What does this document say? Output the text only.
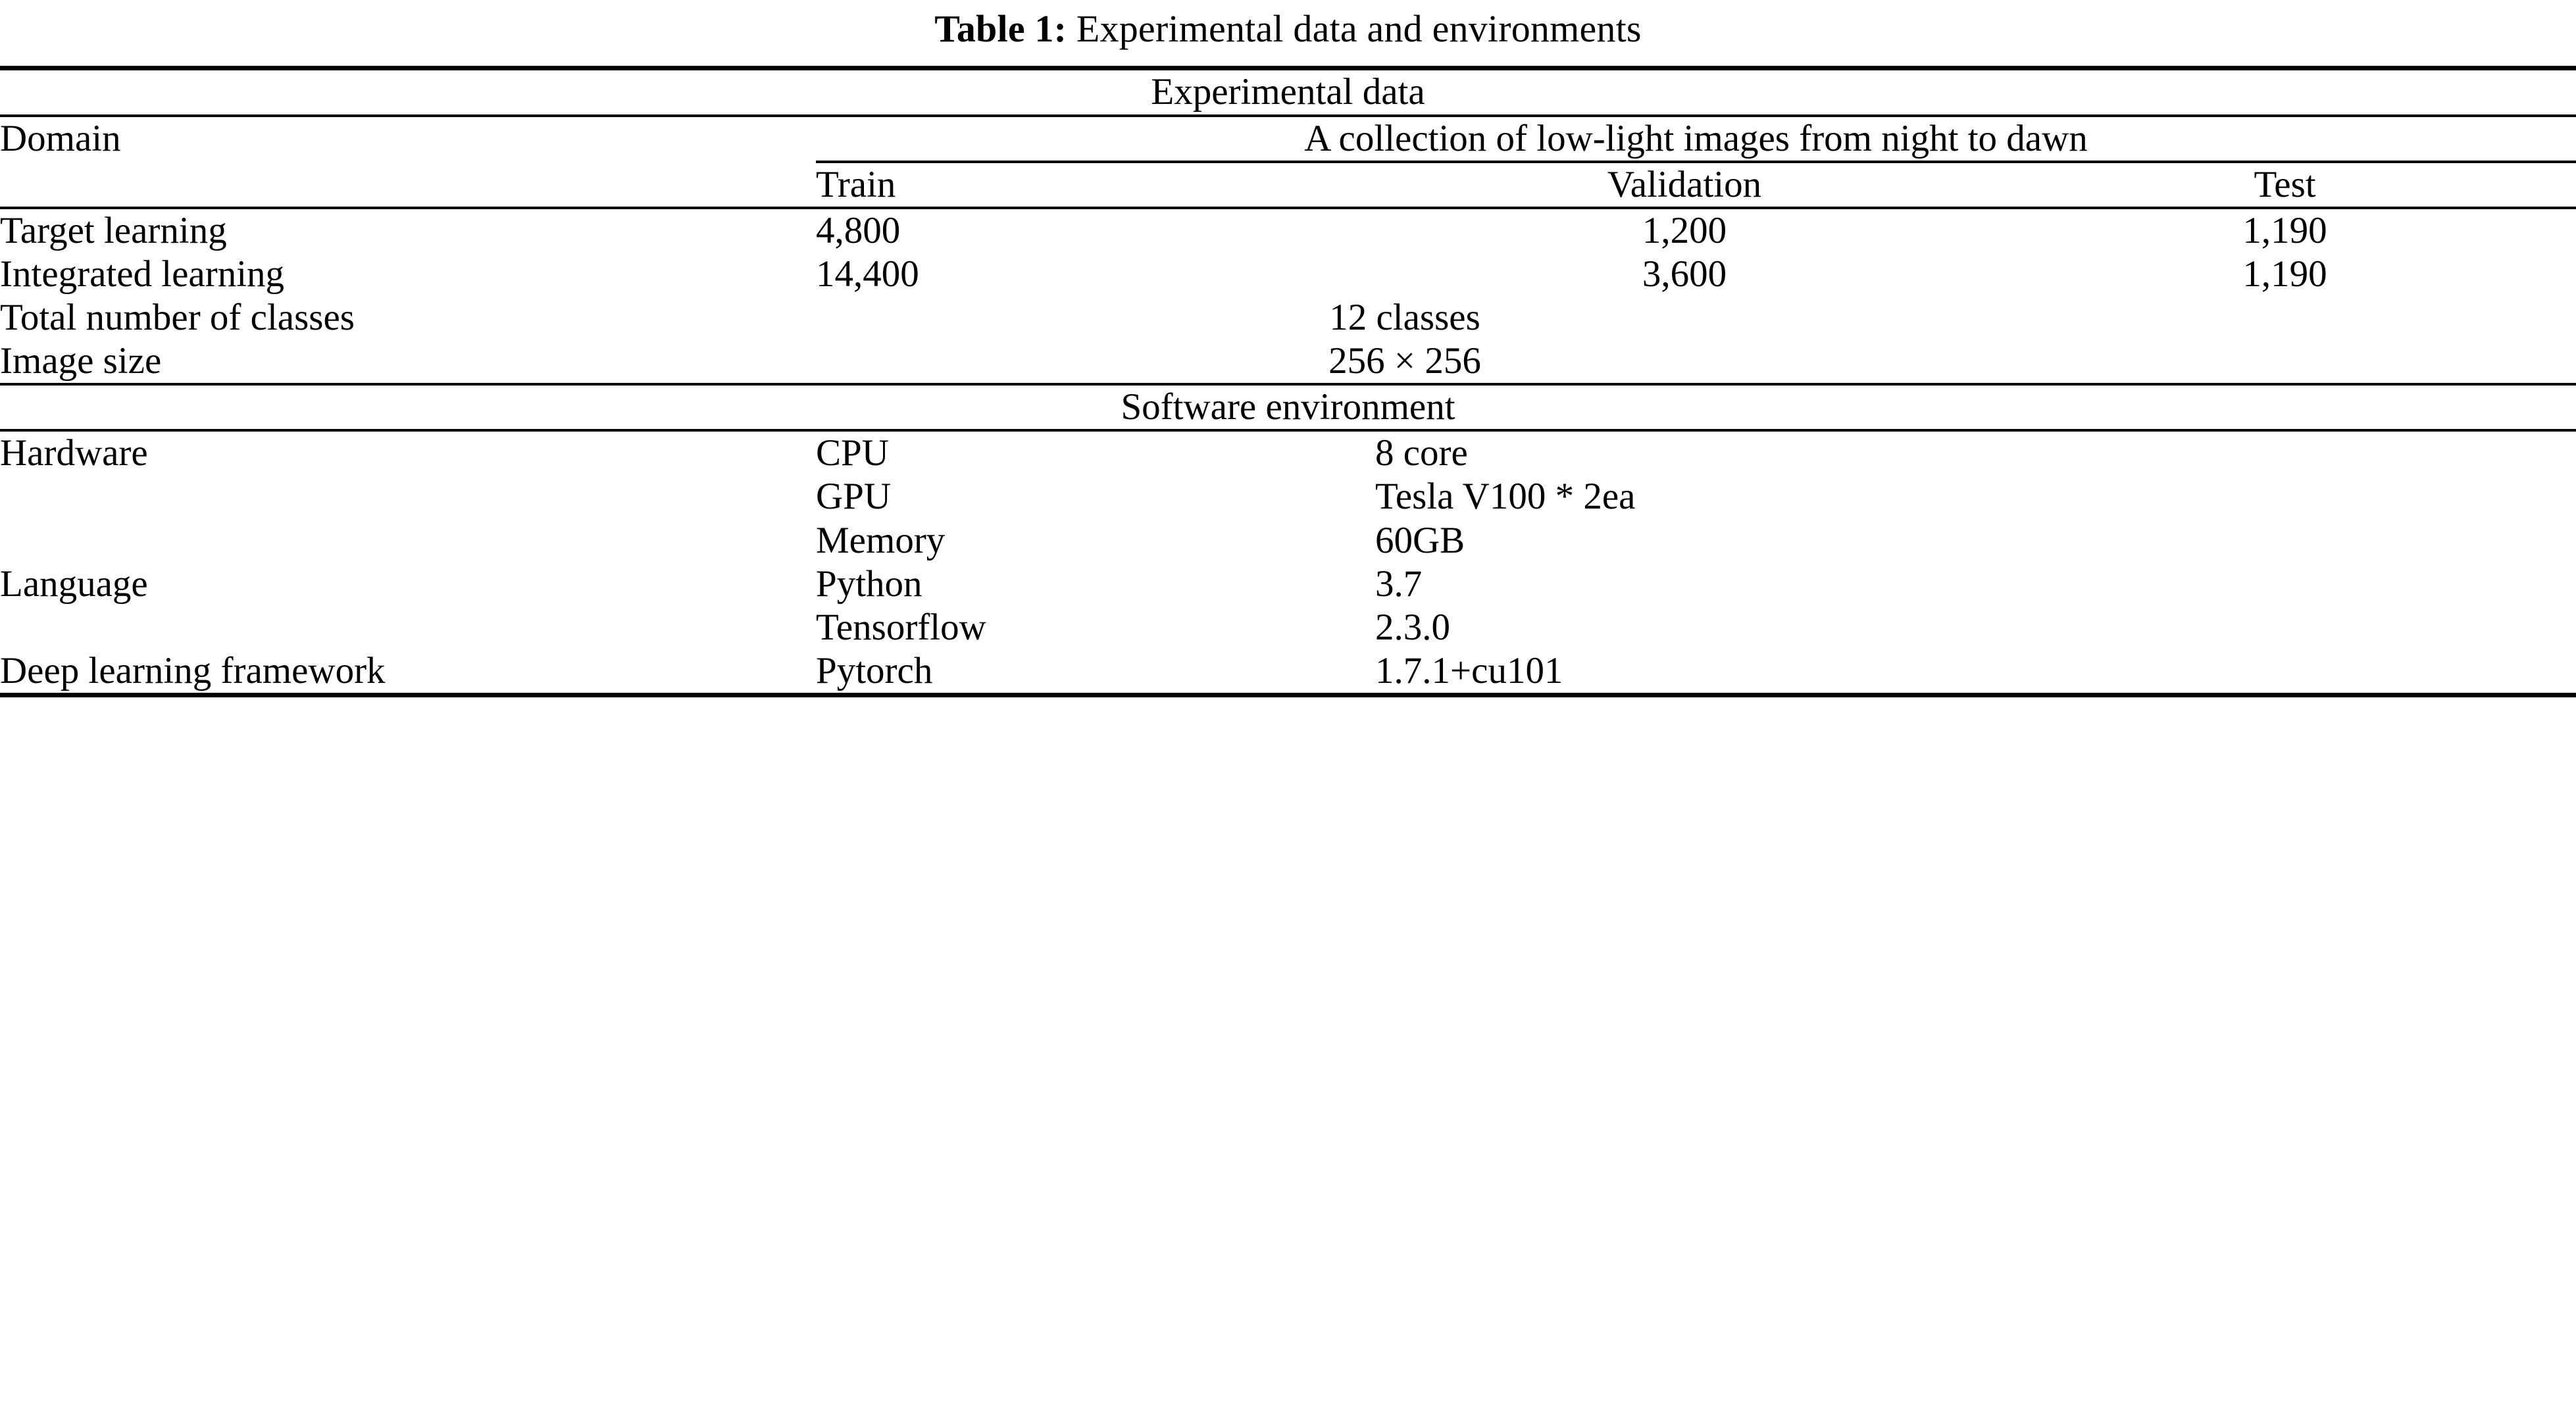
Table 1: Experimental data and environments
Experimental data			
Domain	A collection of low-light images from night to dawn		

	Train	Validation	Test
Target learning	4,800	1,200	1,190
Integrated learning	14,400	3,600	1,190
Total number of classes	12 classes		
Image size	256 × 256		
Software environment			
Hardware	CPU	8 core	
	GPU	Tesla V100 * 2ea	
	Memory	60GB	
Language	Python	3.7	
	Tensorflow	2.3.0	
Deep learning framework	Pytorch	1.7.1+cu101	
